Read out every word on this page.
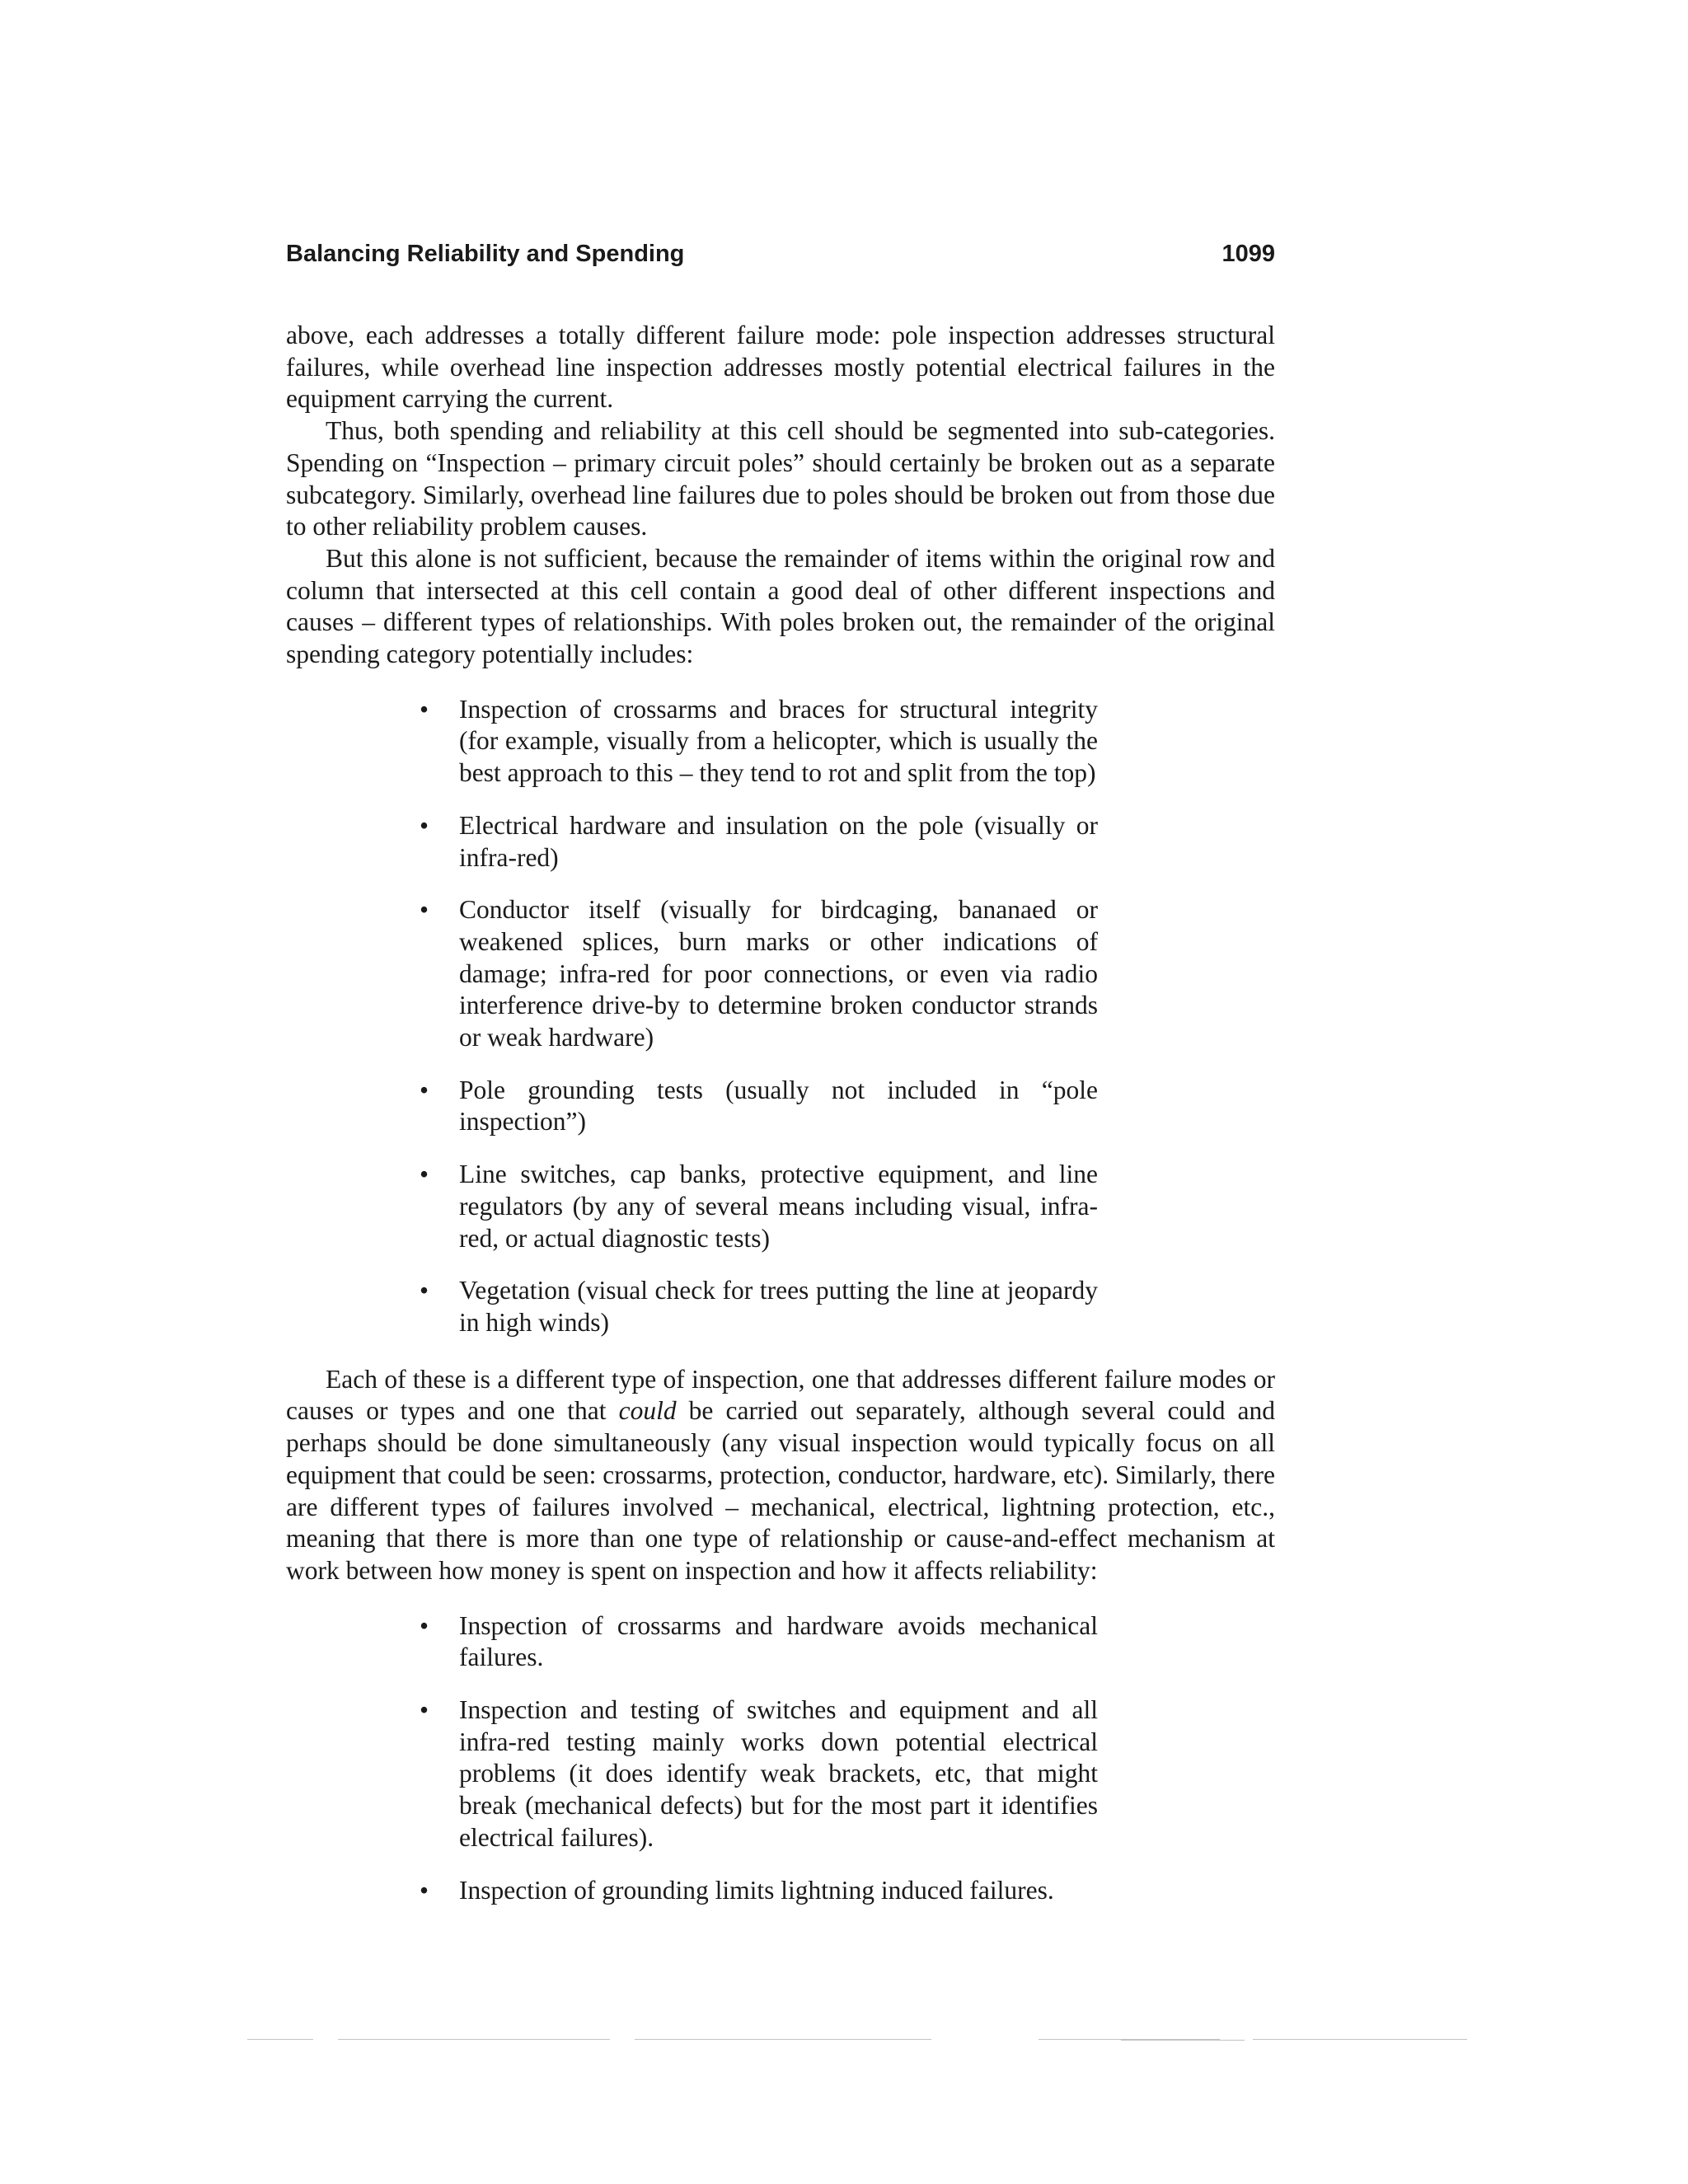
Balancing Reliability and Spending	1099

above, each addresses a totally different failure mode: pole inspection addresses structural failures, while overhead line inspection addresses mostly potential electrical failures in the equipment carrying the current.

Thus, both spending and reliability at this cell should be segmented into sub-categories. Spending on “Inspection – primary circuit poles” should certainly be broken out as a separate subcategory. Similarly, overhead line failures due to poles should be broken out from those due to other reliability problem causes.

But this alone is not sufficient, because the remainder of items within the original row and column that intersected at this cell contain a good deal of other different inspections and causes – different types of relationships. With poles broken out, the remainder of the original spending category potentially includes:

• Inspection of crossarms and braces for structural integrity (for example, visually from a helicopter, which is usually the best approach to this – they tend to rot and split from the top)
• Electrical hardware and insulation on the pole (visually or infra-red)
• Conductor itself (visually for birdcaging, bananaed or weakened splices, burn marks or other indications of damage; infra-red for poor connections, or even via radio interference drive-by to determine broken conductor strands or weak hardware)
• Pole grounding tests (usually not included in “pole inspection”)
• Line switches, cap banks, protective equipment, and line regulators (by any of several means including visual, infra-red, or actual diagnostic tests)
• Vegetation (visual check for trees putting the line at jeopardy in high winds)

Each of these is a different type of inspection, one that addresses different failure modes or causes or types and one that could be carried out separately, although several could and perhaps should be done simultaneously (any visual inspection would typically focus on all equipment that could be seen: crossarms, protection, conductor, hardware, etc). Similarly, there are different types of failures involved – mechanical, electrical, lightning protection, etc., meaning that there is more than one type of relationship or cause-and-effect mechanism at work between how money is spent on inspection and how it affects reliability:

• Inspection of crossarms and hardware avoids mechanical failures.
• Inspection and testing of switches and equipment and all infra-red testing mainly works down potential electrical problems (it does identify weak brackets, etc, that might break (mechanical defects) but for the most part it identifies electrical failures).
• Inspection of grounding limits lightning induced failures.
